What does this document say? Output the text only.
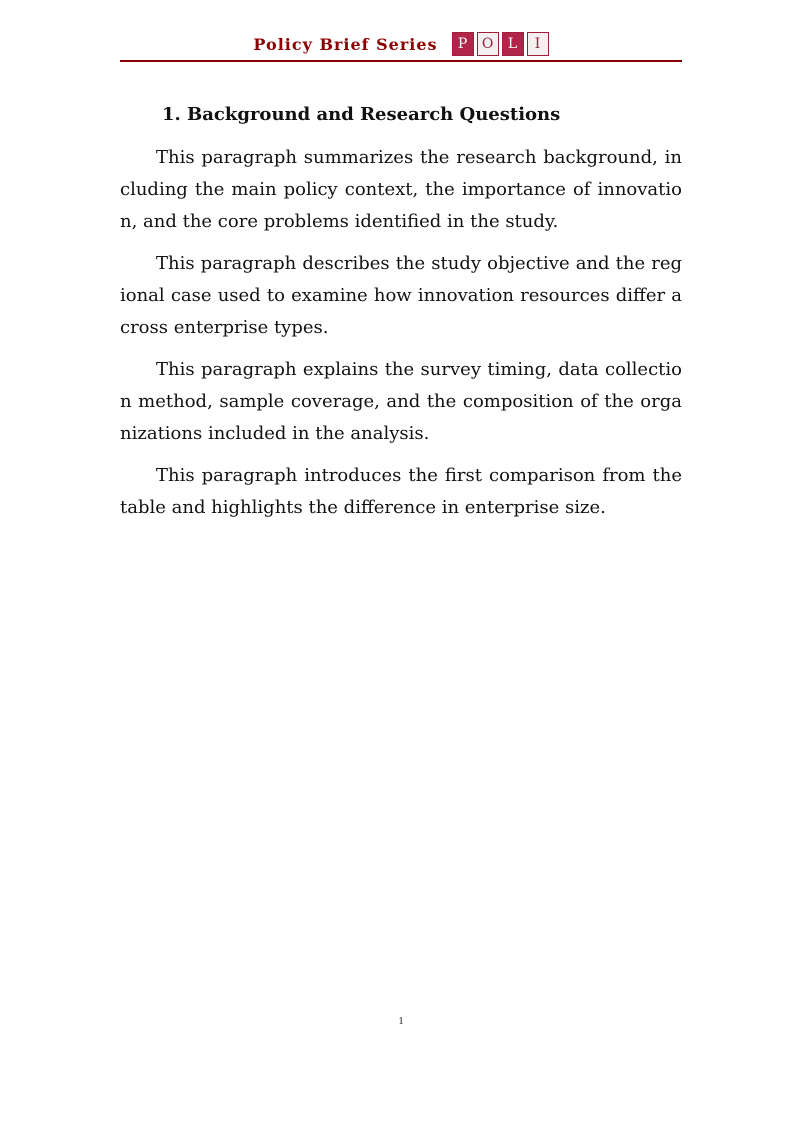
Policy Brief Series	P	O	L	I
1. Background and Research Questions

This paragraph summarizes the research background, including the main policy context, the importance of innovation, and the core problems identified in the study.

This paragraph describes the study objective and the regional case used to examine how innovation resources differ across enterprise types.

This paragraph explains the survey timing, data collection method, sample coverage, and the composition of the organizations included in the analysis.

This paragraph introduces the first comparison from the table and highlights the difference in enterprise size.

1
